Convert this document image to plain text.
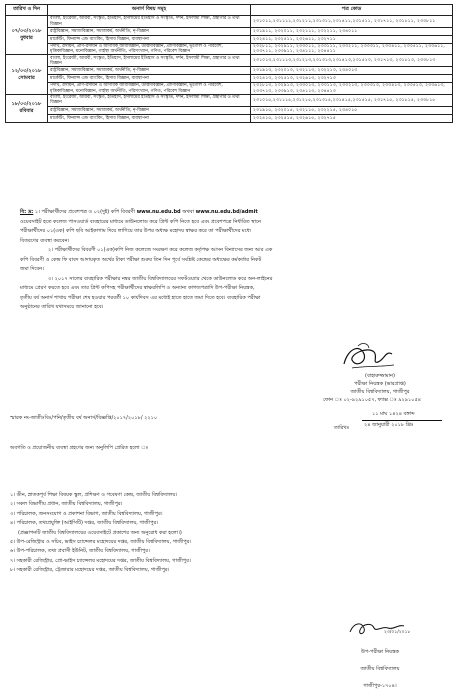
তারিখ ও দিন	অনার্স বিষয় সমূহ	পত্র কোড
০৭/০৩/২০১৮
বুধবার	বাংলা, ইংরেজী, আরবী, সংস্কৃত, ইতিহাস, ইসলামের ইতিহাস ও সংস্কৃতি, দর্শন, ইসলামী শিক্ষা, গ্রন্থাগার ও তথ্য বিজ্ঞান	২৩১০১১,২৩১১১১,২৩১২১১,২৩১৩১১,২৩১৪১১,২৩১৫১১, ২৩১৭১১, ২৩১৮১১, ২৩৩৮১১
	রাষ্ট্রবিজ্ঞান, সমাজবিজ্ঞান, সমাজকর্ম, অর্থনীতি, নৃ-বিজ্ঞান	২৩১৯১১, ২৩২০১১, ২৩২১১১, ২৩২২১১, ২৩৪০১১
	মার্কেটিং, ফিন্যান্স এন্ড ব্যাংকিং, হিসাব বিজ্ঞান, ব্যবস্থাপনা	২৩২৪১১, ২৩২৫১১, ২৩২৬১১, ২৩২৭১১
	পদার্থ, রসায়ন, প্রাণ-রসায়ন ও আণবিক জীববিজ্ঞান, উদ্ভিদবিজ্ঞান, প্রাণিবিজ্ঞান, ভূগোল ও পরিবেশ, মৃত্তিকাবিজ্ঞান, মনোবিজ্ঞান, গার্হস্থ্য অর্থনীতি, পরিসংখ্যান, গণিত, পরিবেশ বিজ্ঞান	২৩২৮১১, ২৩২৯১১, ২৩৩০১১, ২৩৩১১১, ২৩৩২১১, ২৩৩৩১১, ২৩৩৪১১, ২৩৩৫১১, ২৩৩৬১১, ২৩৩৭১১, ২৩৩৯১১, ২৩৪১১১, ২৩৪৪১১
১২/০৩/২০১৮
সোমবার	বাংলা, ইংরেজী, আরবী, সংস্কৃত, ইতিহাস, ইসলামের ইতিহাস ও সংস্কৃতি, দর্শন, ইসলামী শিক্ষা, গ্রন্থাগার ও তথ্য বিজ্ঞান	২৩১০১৩,২৩১১১৩,২৩১২১৩,২৩১৩১৩,২৩১৪১৩,২৩১৫১৩, ২৩১৭১৩, ২৩১৮১৩, ২৩৩৮১৩
	রাষ্ট্রবিজ্ঞান, সমাজবিজ্ঞান, সমাজকর্ম, অর্থনীতি, নৃ-বিজ্ঞান	২৩১৯১৩, ২৩২০১৩, ২৩২১১৩, ২৩২২১৩, ২৩৪০১৩
	মার্কেটিং, ফিন্যান্স এন্ড ব্যাংকিং, হিসাব বিজ্ঞান, ব্যবস্থাপনা	২৩২৪১৩, ২৩২৫১৩, ২৩২৬১৩, ২৩২৭১৩
	পদার্থ, রসায়ন, প্রাণ-রসায়ন ও আণবিক জীববিজ্ঞান, উদ্ভিদবিজ্ঞান, প্রাণিবিজ্ঞান, ভূগোল ও পরিবেশ, মৃত্তিকাবিজ্ঞান, মনোবিজ্ঞান, গার্হস্থ্য অর্থনীতি, পরিসংখ্যান, গণিত, পরিবেশ বিজ্ঞান	২৩২৮১৩, ২৩২৯১৩, ২৩৩০১৩, ২৩৩১১৩, ২৩৩২১৩, ২৩৩৩১৩, ২৩৩৪১৩, ২৩৩৫১৩, ২৩৩৬১৩, ২৩৩৭১৩, ২৩৩৯১৩, ২৩৪১১৩, ২৩৪৪১৩
১৮/০৩/২০১৮
রবিবার	বাংলা, ইংরেজী, আরবী, সংস্কৃত, ইতিহাস, ইসলামের ইতিহাস ও সংস্কৃতি, দর্শন, ইসলামী শিক্ষা, গ্রন্থাগার ও তথ্য বিজ্ঞান	২৩১০১৫,২৩১১১৫,২৩১২১৫,২৩১৩১৫,২৩১৪১৫,২৩১৫১৫, ২৩১৭১৫, ২৩১৮১৫, ২৩৩৮১৫
	রাষ্ট্রবিজ্ঞান, সমাজবিজ্ঞান, সমাজকর্ম, অর্থনীতি, নৃ-বিজ্ঞান	২৩১৯১৫, ২৩২০১৫, ২৩২১১৫, ২৩২২১৫, ২৩৪০১৫
	মার্কেটিং, ফিন্যান্স এন্ড ব্যাংকিং, হিসাব বিজ্ঞান, ব্যবস্থাপনা	২৩২৪১৫, ২৩২৫১৫, ২৩২৬১৫, ২৩২৭১৫
বি: দ্র: ১। পরীক্ষার্থীদের প্রবেশপত্র ও ০২(দুই) কপি বিবরণী www.nu.edu.bd অথবা www.nu.edu.bd/admit
ওয়েবসাইট হতে কলেজ পাসওয়ার্ড ব্যবহারের মাধ্যমে ডাউনলোড করে প্রিন্ট কপি নিতে হবে এবং প্রবেশপত্রে নির্ধারিত স্থানে
পরীক্ষার্থীদের ০১(এক) কপি ছবি আইকাগাম দিয়ে লাগিয়ে তার উপর অধ্যক্ষ মহোদয় স্বাক্ষর করে তা পরীক্ষার্থীদের মধ্যে
বিতরণের ব্যবস্থা করবেন।
২। পরীক্ষার্থীদের বিবরণী ০১(এক)কপি নিজ কলেজে সংরক্ষণ করে কলেজ কর্তৃপক্ষ আসন বিন্যাসের জন্য আর এক
কপি বিবরণী ও কেন্দ্র ফি বাবদ আদায়কৃত অর্থের টাকা পরীক্ষা শুরুর তিন দিন পূর্বে সংশ্লিষ্ট কেন্দ্রের অধ্যক্ষের কর্মকর্তার নিকট
জমা দিবেন।
৩। ২০১৭ সালের ব্যবহারিক পরীক্ষার নম্বর জাতীয় বিশ্ববিদ্যালয়ের সফটওয়্যার থেকে ডাউনলোড করে অন-লাইনের
মাধ্যমে প্রেরণ করতে হবে এবং তার প্রিন্ট কপিসহ পরীক্ষার্থীদের স্বাক্ষরলিপি ও অন্যান্য কাগজপত্রাদি উপ-পরীক্ষা নিয়ন্ত্রক,
তৃতীয় বর্ষ অনার্স শাখায় পরীক্ষা শেষ হওয়ার পরবর্তী ১০ কার্যদিবস এর মধ্যেই হাতে হাতে জমা দিতে হবে। ব্যবহারিক পরীক্ষা
অনুষ্ঠানের তারিখ যথাসময়ে জানানো হবে।
(বাহারুজ্জামান)
পরীক্ষা নিয়ন্ত্রক (ভারপ্রাপ্ত)
জাতীয় বিশ্ববিদ্যালয়, গাজীপুর
ফোন ঃ ০২-৯২৯১০৫৭, ফ্যাক্স ঃ ৯২৯১০৫৪
স্মারক নং-জাতীঃবিঃ/পনি/তৃতীয় বর্ষ অনার্স/বিজ্ঞপ্তি/২০১৭/২০১৮/ ২২১০
তারিখঃ
১১ মাঘ ১৪২৪ বঙ্গাব্দ
২৪ জানুয়ারী ২০১৮ খ্রিঃ
অবগতি ও প্রয়োজনীয় ব্যবস্থা গ্রহণের জন্য অনুলিপি প্রেরিত হলো ঃ
১। ডীন, স্নাতকপূর্ব শিক্ষা বিষয়ক স্কুল, প্রশিক্ষণ ও গবেষণা কেন্দ্র, জাতীয় বিশ্ববিদ্যালয়।
২। সকল বিভাগীয় প্রধান, জাতীয় বিশ্ববিদ্যালয়, গাজীপুর।
৩। পরিচালক, জনসংযোগ ও প্রকাশনা বিভাগ, জাতীয় বিশ্ববিদ্যালয়, গাজীপুর।
৪। পরিচালক, তথ্যপ্রযুক্তি (আইসিটি) দপ্তর, জাতীয় বিশ্ববিদ্যালয়, গাজীপুর।
(প্রজ্ঞাপনটি জাতীয় বিশ্ববিদ্যালয়ের ওয়েবসাইটে প্রকাশের জন্য অনুরোধ করা হলো।)
৫। উপ-রেজিস্ট্রার ও সচিব, ভাইস চ্যান্সেলর মহোদয়ের দপ্তর, জাতীয় বিশ্ববিদ্যালয়, গাজীপুর।
৬। উপ-পরিচালক, তথ্য প্রবাসী ইউনিট, জাতীয় বিশ্ববিদ্যালয়, গাজীপুর।
৭। সহকারী রেজিস্ট্রার, প্রো-ভাইস চ্যান্সেলর মহোদয়ের দপ্তর, জাতীয় বিশ্ববিদ্যালয়, গাজীপুর।
৮। সহকারী রেজিস্ট্রার, ট্রেজারার মহোদয়ের দপ্তর, জাতীয় বিশ্ববিদ্যালয়, গাজীপুর।
২৩/০১/২০১৮
উপ-পরীক্ষা নিয়ন্ত্রক
জাতীয় বিশ্ববিদ্যালয়
গাজীপুর-১৭০৪।
